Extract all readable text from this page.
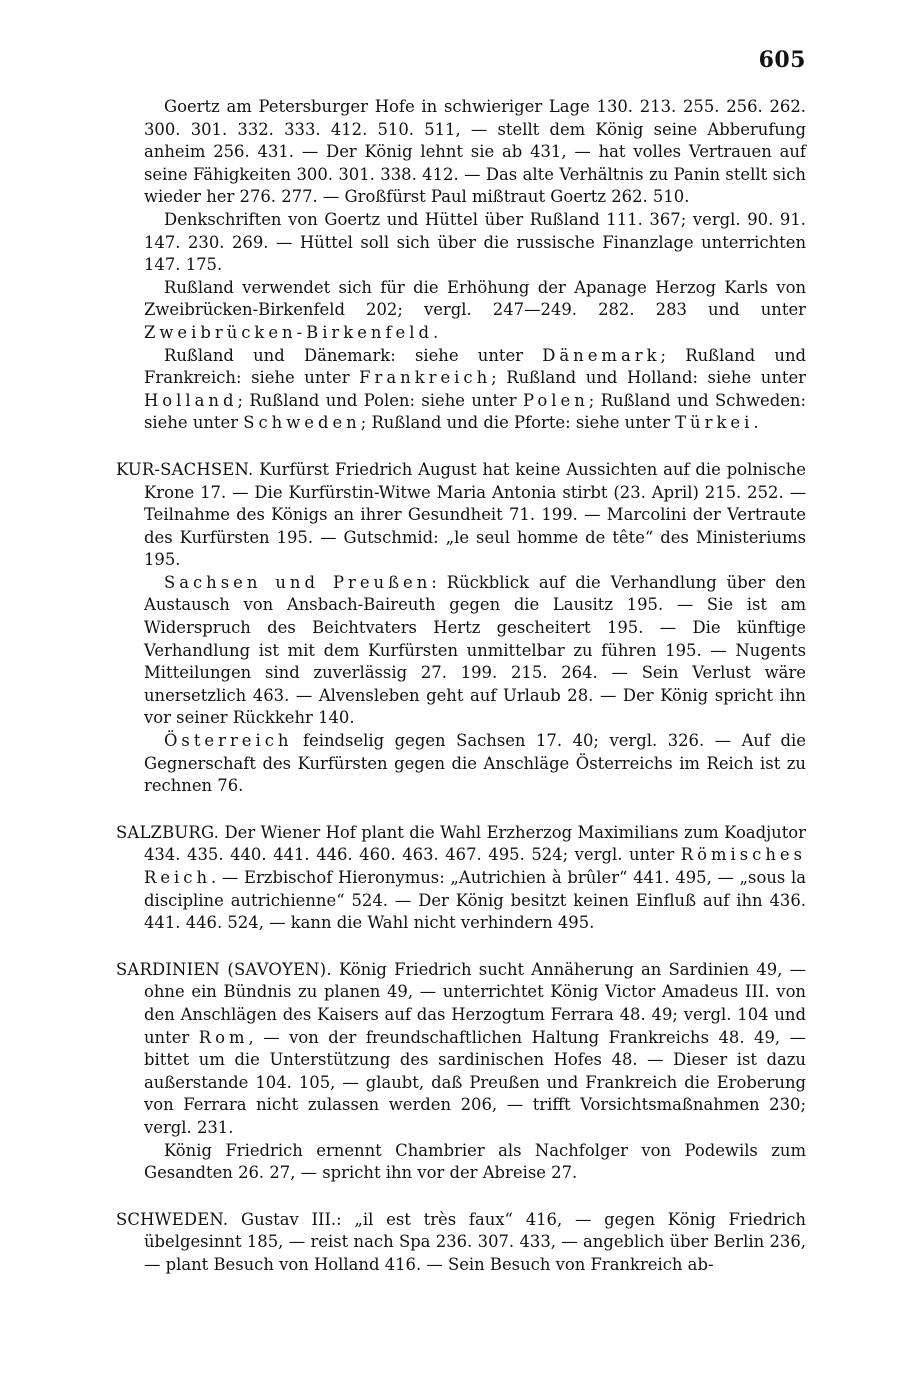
605

Goertz am Petersburger Hofe in schwieriger Lage 130. 213. 255. 256. 262. 300. 301. 332. 333. 412. 510. 511, — stellt dem König seine Abberufung anheim 256. 431. — Der König lehnt sie ab 431, — hat volles Vertrauen auf seine Fähigkeiten 300. 301. 338. 412. — Das alte Verhältnis zu Panin stellt sich wieder her 276. 277. — Großfürst Paul mißtraut Goertz 262. 510.

Denkschriften von Goertz und Hüttel über Rußland 111. 367; vergl. 90. 91. 147. 230. 269. — Hüttel soll sich über die russische Finanzlage unterrichten 147. 175.

Rußland verwendet sich für die Erhöhung der Apanage Herzog Karls von Zweibrücken-Birkenfeld 202; vergl. 247—249. 282. 283 und unter Zweibrücken-Birkenfeld.

Rußland und Dänemark: siehe unter Dänemark; Rußland und Frankreich: siehe unter Frankreich; Rußland und Holland: siehe unter Holland; Rußland und Polen: siehe unter Polen; Rußland und Schweden: siehe unter Schweden; Rußland und die Pforte: siehe unter Türkei.

KUR-SACHSEN. Kurfürst Friedrich August hat keine Aussichten auf die polnische Krone 17. — Die Kurfürstin-Witwe Maria Antonia stirbt (23. April) 215. 252. — Teilnahme des Königs an ihrer Gesundheit 71. 199. — Marcolini der Vertraute des Kurfürsten 195. — Gutschmid: „le seul homme de tête“ des Ministeriums 195.

Sachsen und Preußen: Rückblick auf die Verhandlung über den Austausch von Ansbach-Baireuth gegen die Lausitz 195. — Sie ist am Widerspruch des Beichtvaters Hertz gescheitert 195. — Die künftige Verhandlung ist mit dem Kurfürsten unmittelbar zu führen 195. — Nugents Mitteilungen sind zuverlässig 27. 199. 215. 264. — Sein Verlust wäre unersetzlich 463. — Alvensleben geht auf Urlaub 28. — Der König spricht ihn vor seiner Rückkehr 140.

Österreich feindselig gegen Sachsen 17. 40; vergl. 326. — Auf die Gegnerschaft des Kurfürsten gegen die Anschläge Österreichs im Reich ist zu rechnen 76.

SALZBURG. Der Wiener Hof plant die Wahl Erzherzog Maximilians zum Koadjutor 434. 435. 440. 441. 446. 460. 463. 467. 495. 524; vergl. unter Römisches Reich. — Erzbischof Hieronymus: „Autrichien à brûler“ 441. 495, — „sous la discipline autrichienne“ 524. — Der König besitzt keinen Einfluß auf ihn 436. 441. 446. 524, — kann die Wahl nicht verhindern 495.

SARDINIEN (SAVOYEN). König Friedrich sucht Annäherung an Sardinien 49, — ohne ein Bündnis zu planen 49, — unterrichtet König Victor Amadeus III. von den Anschlägen des Kaisers auf das Herzogtum Ferrara 48. 49; vergl. 104 und unter Rom, — von der freundschaftlichen Haltung Frankreichs 48. 49, — bittet um die Unterstützung des sardinischen Hofes 48. — Dieser ist dazu außerstande 104. 105, — glaubt, daß Preußen und Frankreich die Eroberung von Ferrara nicht zulassen werden 206, — trifft Vorsichtsmaßnahmen 230; vergl. 231.

König Friedrich ernennt Chambrier als Nachfolger von Podewils zum Gesandten 26. 27, — spricht ihn vor der Abreise 27.

SCHWEDEN. Gustav III.: „il est très faux“ 416, — gegen König Friedrich übelgesinnt 185, — reist nach Spa 236. 307. 433, — angeblich über Berlin 236, — plant Besuch von Holland 416. — Sein Besuch von Frankreich ab-
